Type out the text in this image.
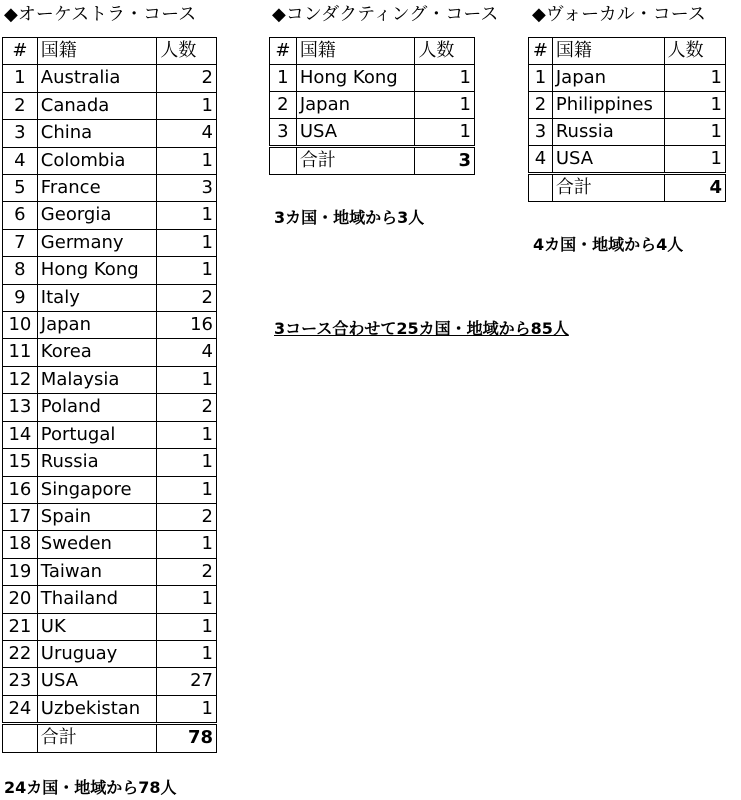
◆オーケストラ・コース	◆コンダクティング・コース ◆ヴォーカル・コース
#	国籍	人数
1	Australia	2
2	Canada	1
3	China	4
4	Colombia	1
5	France	3
6	Georgia	1
7	Germany	1
8	Hong Kong	1
9	Italy	2
10	Japan	16
11	Korea	4
12	Malaysia	1
13	Poland	2
14	Portugal	1
15	Russia	1
16	Singapore	1
17	Spain	2
18	Sweden	1
19	Taiwan	2
20	Thailand	1
21	UK	1
22	Uruguay	1
23	USA	27
24	Uzbekistan	1
	合計	78
#	国籍	人数
1	Hong Kong	1
2	Japan	1
3	USA	1
	合計	3
#	国籍	人数
1	Japan	1
2	Philippines	1
3	Russia	1
4	USA	1
	合計	4
3カ国・地域から3人
4カ国・地域から4人
3コース合わせて25カ国・地域から85人
24カ国・地域から78人
